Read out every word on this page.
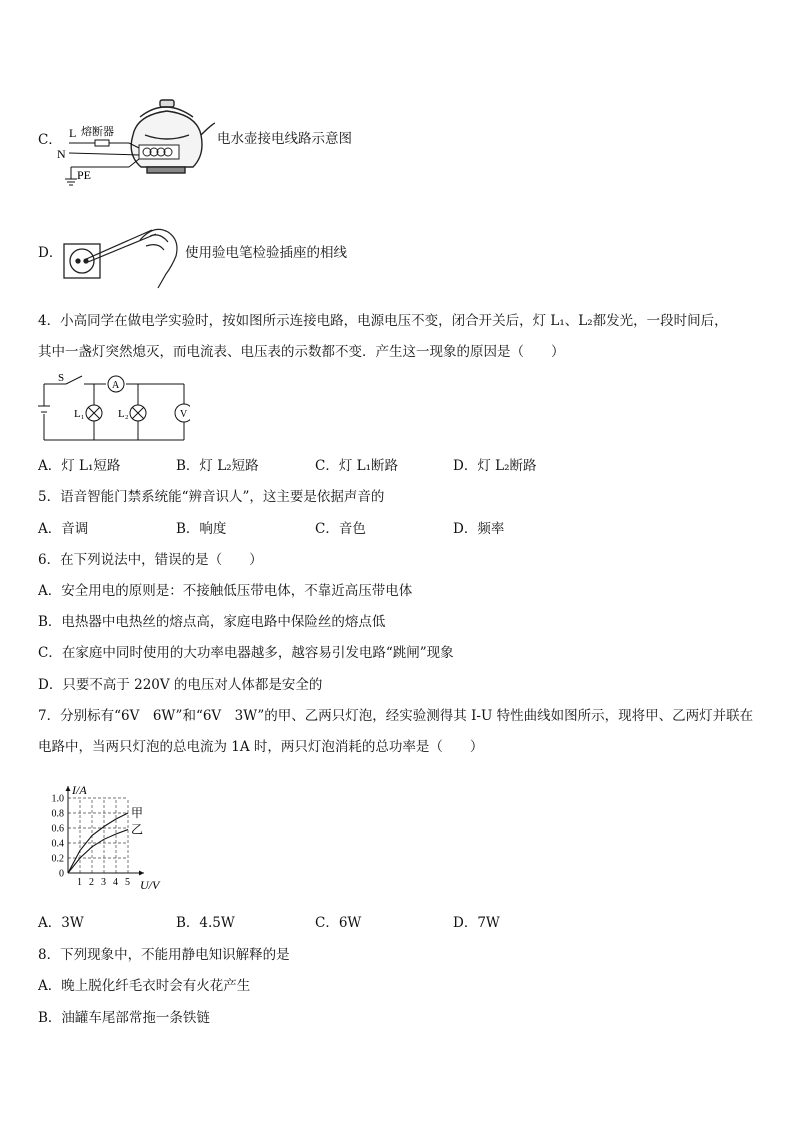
C． L 熔断器
N
PE
电水壶接电线路示意图
D．	使用验电笔检验插座的相线
4．小高同学在做电学实验时，按如图所示连接电路，电源电压不变，闭合开关后，灯 L₁、L₂都发光，一段时间后，
其中一盏灯突然熄灭，而电流表、电压表的示数都不变．产生这一现象的原因是（　　）
S
A
L₁	L₂	V
A．灯 L₁短路	B．灯 L₂短路	C．灯 L₁断路	D．灯 L₂断路
5．语音智能门禁系统能“辨音识人”，这主要是依据声音的
A．音调	B．响度	C．音色	D．频率
6．在下列说法中，错误的是（　　）
A．安全用电的原则是：不接触低压带电体，不靠近高压带电体
B．电热器中电热丝的熔点高，家庭电路中保险丝的熔点低
C．在家庭中同时使用的大功率电器越多，越容易引发电路“跳闸”现象
D．只要不高于 220V 的电压对人体都是安全的
7．分别标有“6V　6W”和“6V　3W”的甲、乙两只灯泡，经实验测得其 I-U 特性曲线如图所示，现将甲、乙两灯并联在
电路中，当两只灯泡的总电流为 1A 时，两只灯泡消耗的总功率是（　　）
1 2 3 4 5
0
0.2
0.4
0.6
0.8
1.0
I/A
U/V
甲
乙
A．3W	B．4.5W	C．6W	D．7W
8．下列现象中，不能用静电知识解释的是
A．晚上脱化纤毛衣时会有火花产生
B．油罐车尾部常拖一条铁链
